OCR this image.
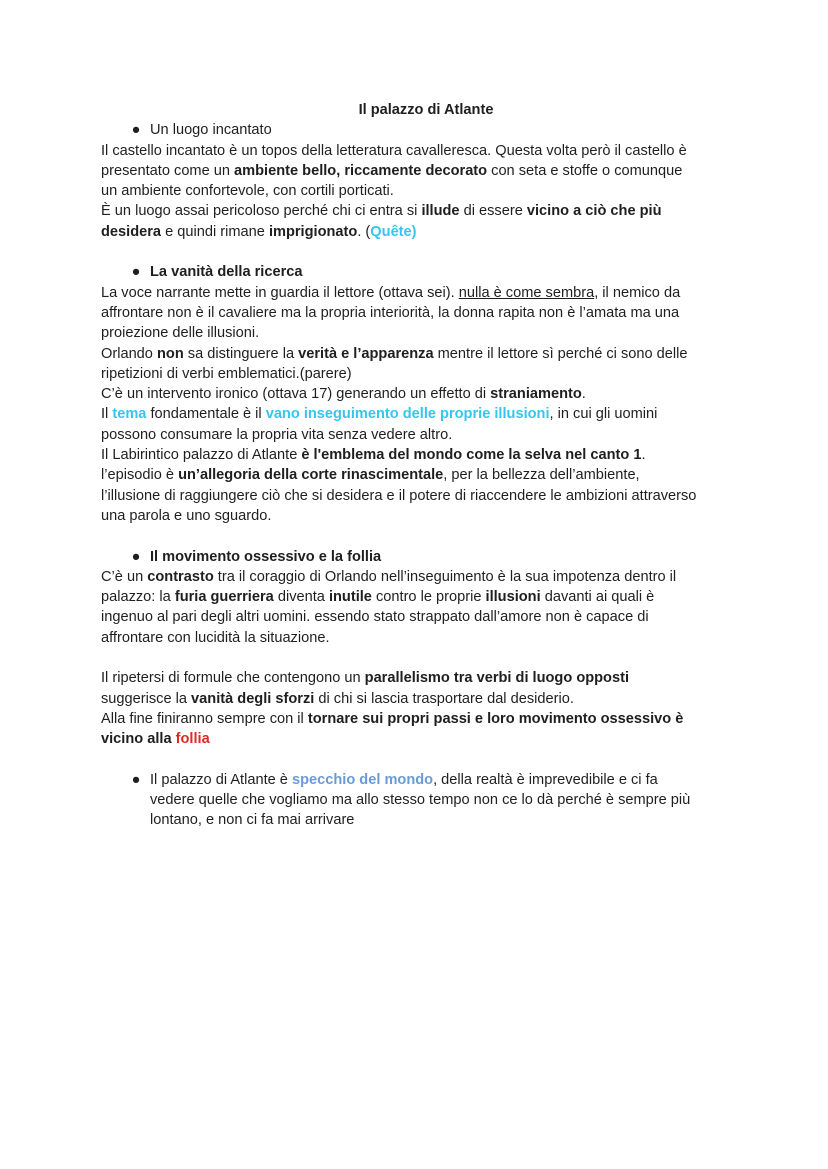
Il palazzo di Atlante

● Un luogo incantato

Il castello incantato è un topos della letteratura cavalleresca. Questa volta però il castello è

presentato come un ambiente bello, riccamente decorato con seta e stoffe o comunque

un ambiente confortevole, con cortili porticati.

È un luogo assai pericoloso perché chi ci entra si illude di essere vicino a ciò che più

desidera e quindi rimane imprigionato. (Quête)

● La vanità della ricerca

La voce narrante mette in guardia il lettore (ottava sei). nulla è come sembra, il nemico da

affrontare non è il cavaliere ma la propria interiorità, la donna rapita non è l’amata ma una

proiezione delle illusioni.

Orlando non sa distinguere la verità e l’apparenza mentre il lettore sì perché ci sono delle

ripetizioni di verbi emblematici.(parere)

C’è un intervento ironico (ottava 17) generando un effetto di straniamento.

Il tema fondamentale è il vano inseguimento delle proprie illusioni, in cui gli uomini

possono consumare la propria vita senza vedere altro.

Il Labirintico palazzo di Atlante è l'emblema del mondo come la selva nel canto 1.

l’episodio è un’allegoria della corte rinascimentale, per la bellezza dell’ambiente,

l’illusione di raggiungere ciò che si desidera e il potere di riaccendere le ambizioni attraverso

una parola e uno sguardo.

● Il movimento ossessivo e la follia

C’è un contrasto tra il coraggio di Orlando nell’inseguimento è la sua impotenza dentro il

palazzo: la furia guerriera diventa inutile contro le proprie illusioni davanti ai quali è

ingenuo al pari degli altri uomini. essendo stato strappato dall’amore non è capace di

affrontare con lucidità la situazione.

Il ripetersi di formule che contengono un parallelismo tra verbi di luogo opposti

suggerisce la vanità degli sforzi di chi si lascia trasportare dal desiderio.

Alla fine finiranno sempre con il tornare sui propri passi e loro movimento ossessivo è

vicino alla follia

● Il palazzo di Atlante è specchio del mondo, della realtà è imprevedibile e ci fa

vedere quelle che vogliamo ma allo stesso tempo non ce lo dà perché è sempre più

lontano, e non ci fa mai arrivare
